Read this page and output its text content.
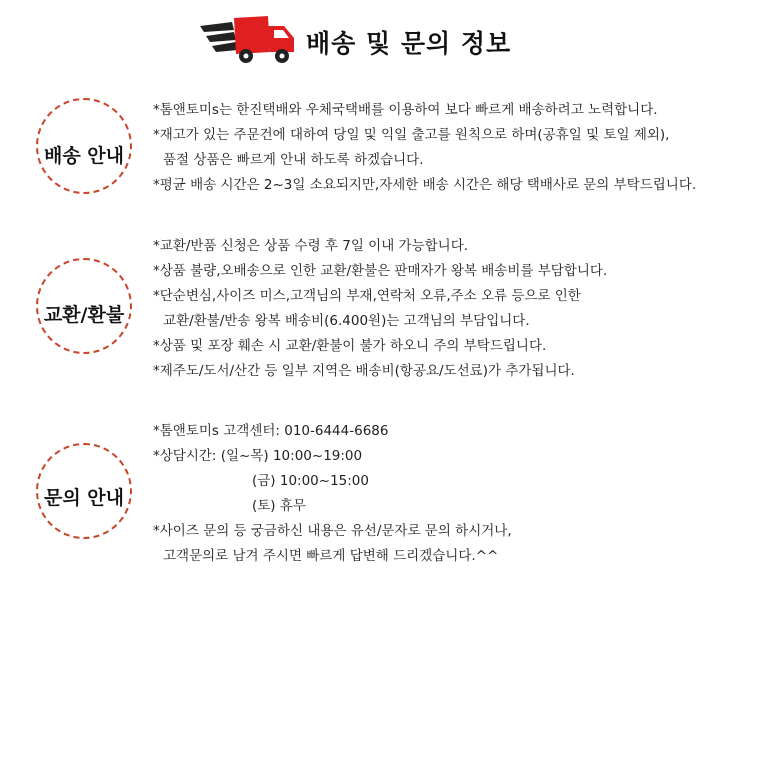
배송 및 문의 정보
배송 안내
*톰앤토미s는 한진택배와 우체국택배를 이용하여 보다 빠르게 배송하려고 노력합니다.
*재고가 있는 주문건에 대하여 당일 및 익일 출고를 원칙으로 하며(공휴일 및 토일 제외),
품절 상품은 빠르게 안내 하도록 하겠습니다.
*평균 배송 시간은 2~3일 소요되지만,자세한 배송 시간은 해당 택배사로 문의 부탁드립니다.
교환/환불
*교환/반품 신청은 상품 수령 후 7일 이내 가능합니다.
*상품 불량,오배송으로 인한 교환/환불은 판매자가 왕복 배송비를 부담합니다.
*단순변심,사이즈 미스,고객님의 부재,연락처 오류,주소 오류 등으로 인한
교환/환불/반송 왕복 배송비(6.400원)는 고객님의 부담입니다.
*상품 및 포장 훼손 시 교환/환불이 불가 하오니 주의 부탁드립니다.
*제주도/도서/산간 등 일부 지역은 배송비(항공요/도선료)가 추가됩니다.
문의 안내
*톰앤토미s 고객센터: 010-6444-6686
*상담시간: (일~목) 10:00~19:00
(금) 10:00~15:00
(토) 휴무
*사이즈 문의 등 궁금하신 내용은 유선/문자로 문의 하시거나,
고객문의로 남겨 주시면 빠르게 답변해 드리겠습니다.^^
